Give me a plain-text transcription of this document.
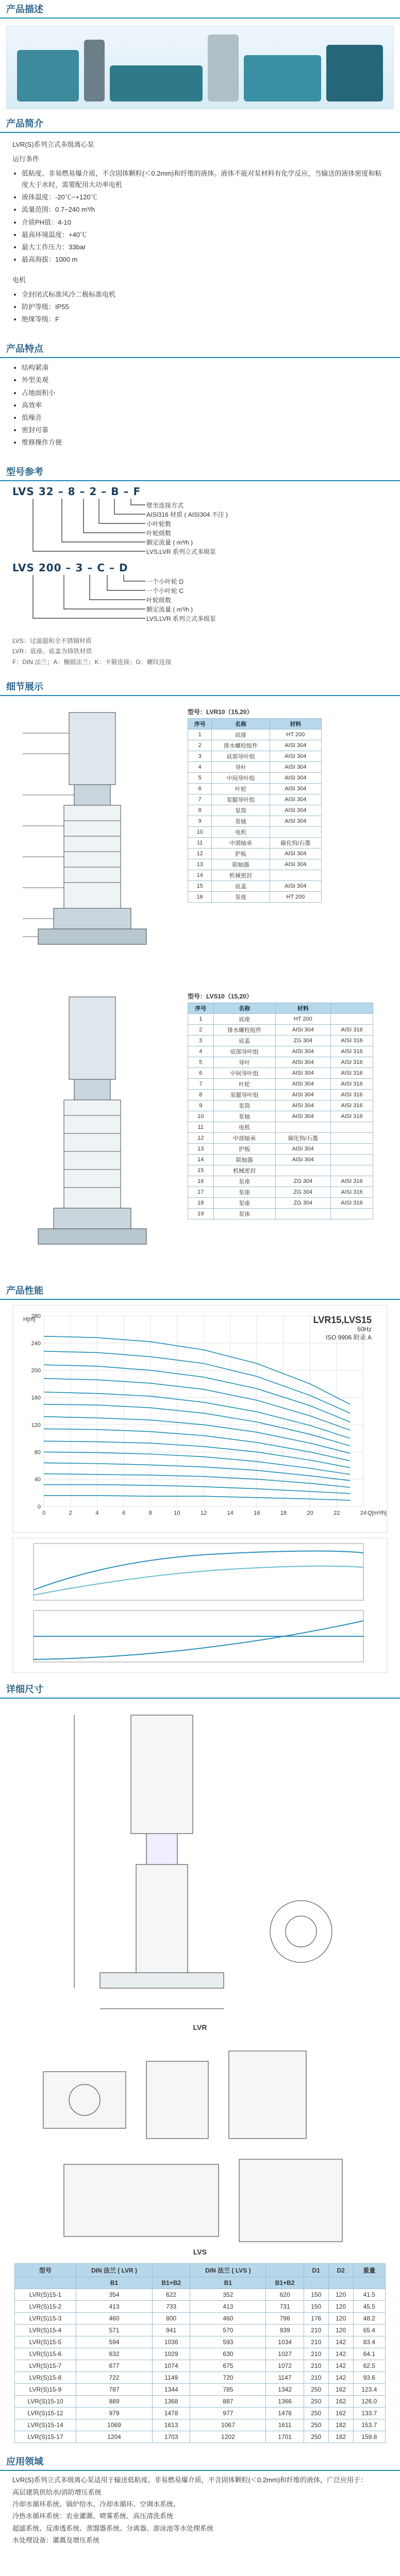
产品描述
产品简介

LVR(S)系列立式多级离心泵

运行条件

• 低粘度、非易燃易爆介质，不含固体颗粒(＜0.2mm)和纤维的液体。液体不能对泵材料有化学反应，当输送的液体密度和粘度大于水时，需要配用大功率电机
• 液体温度：-20℃~+120℃
• 流量范围：0.7~240 m³/h
• 介质PH值：4-10
• 最高环境温度：+40℃
• 最大工作压力：33bar
• 最高海拔：1000 m

电机

• 全封闭式标准风冷二极标准电机
• 防护等级：IP55
• 绝缘等级：F
产品特点
• 结构紧凑
• 外型美观
• 占地面积小
• 高效率
• 低噪音
• 密封可靠
• 维修操作方便
型号参考
LVS 32 – 8 – 2 – B – F
壁坐连接方式
AISI316 材质 ( AISI304 不注 )
小叶轮数
叶轮级数
额定流量 ( m³/h )
LVS,LVR 系列立式多级泵
LVS 200 – 3 – C – D
一个小叶轮 D
一个小叶轮 C
叶轮级数
额定流量 ( m³/h )
LVS,LVR 系列立式多级泵
LVS：过滤超和全不锈钢材质
LVR：底座、底盖为铸铁材质
F：DIN 法兰；A：椭圆法兰；K：卡箍连接；G：螺纹连接
细节展示
型号：LVR10（15,20）
序号	名称	材料
1	底座	HT 200
2	排水螺栓组件	AISI 304
3	底部导叶组	AISI 304
4	导叶	AISI 304
5	中间导叶组	AISI 304
6	叶轮	AISI 304
7	泵腿导叶组	AISI 304
8	泵筒	AISI 304
9	泵轴	AISI 304
10	电机	
11	中部轴承	碳化钨/石墨
12	护板	AISI 304
13	联轴器	AISI 304
14	机械密封	
15	底盖	AISI 304
16	泵座	HT 200
型号：LVS10（15,20）
序号	名称	材料	
1	底座	HT 200	
2	排水螺栓组件	AISI 304	AISI 316
3	底盖	ZG 304	AISI 316
4	底部导叶组	AISI 304	AISI 316
5	导叶	AISI 304	AISI 316
6	中间导叶组	AISI 304	AISI 316
7	叶轮	AISI 304	AISI 316
8	泵腿导叶组	AISI 304	AISI 316
9	泵筒	AISI 304	AISI 316
10	泵轴	AISI 304	AISI 316
11	电机		
12	中部轴承	碳化钨/石墨	
13	护板	AISI 304	
14	联轴器	AISI 304	
15	机械密封		
16	泵座	ZG 304	AISI 316
17	泵座	ZG 304	AISI 316
18	泵座	ZG 304	AISI 316
19	泵体		
产品性能
0	2	4	6	8	10	12	14	16	18	20	22	24
0
40
80
120
160
200
240
280
Q[m³/h]
H[m]	LVR15,LVS15
50Hz
ISO 9906 附录 A
详细尺寸
LVR
LVS
型号	DIN 法兰 ( LVR )		DIN 法兰 ( LVS )		D1	D2	重量
	B1	B1+B2	B1	B1+B2			
LVR(S)15-1	354	622	352	620	150	120	41.5
LVR(S)15-2	413	733	413	731	150	120	45.5
LVR(S)15-3	460	800	460	798	176	120	48.2
LVR(S)15-4	571	941	570	939	210	120	65.4
LVR(S)15-5	594	1036	593	1034	210	142	83.4
LVR(S)15-6	632	1029	630	1027	210	142	64.1
LVR(S)15-7	677	1074	675	1072	210	142	62.5
LVR(S)15-8	722	1149	720	1147	210	142	93.6
LVR(S)15-9	787	1344	785	1342	250	162	123.4
LVR(S)15-10	889	1368	887	1366	250	162	126.0
LVR(S)15-12	979	1478	977	1476	250	162	133.7
LVR(S)15-14	1069	1613	1067	1611	250	182	153.7
LVR(S)15-17	1204	1703	1202	1701	250	182	159.8
应用领域
LVR(S)系列立式多级离心泵适用于输送低粘度、非易燃易爆介质，不含固体颗粒(＜0.2mm)和纤维的液体，广泛应用于：
高层建筑供给水/消防增压系统
冷却水循环系统、锅炉给水、冷却水循环、空调水系统、
冷热水循环系统：农业灌溉、喷雾系统、高压清洗系统
超滤系统、反渗透系统、蒸馏器系统、分离器、游泳池等水处理系统
水处理设备：灌溉及增压系统
